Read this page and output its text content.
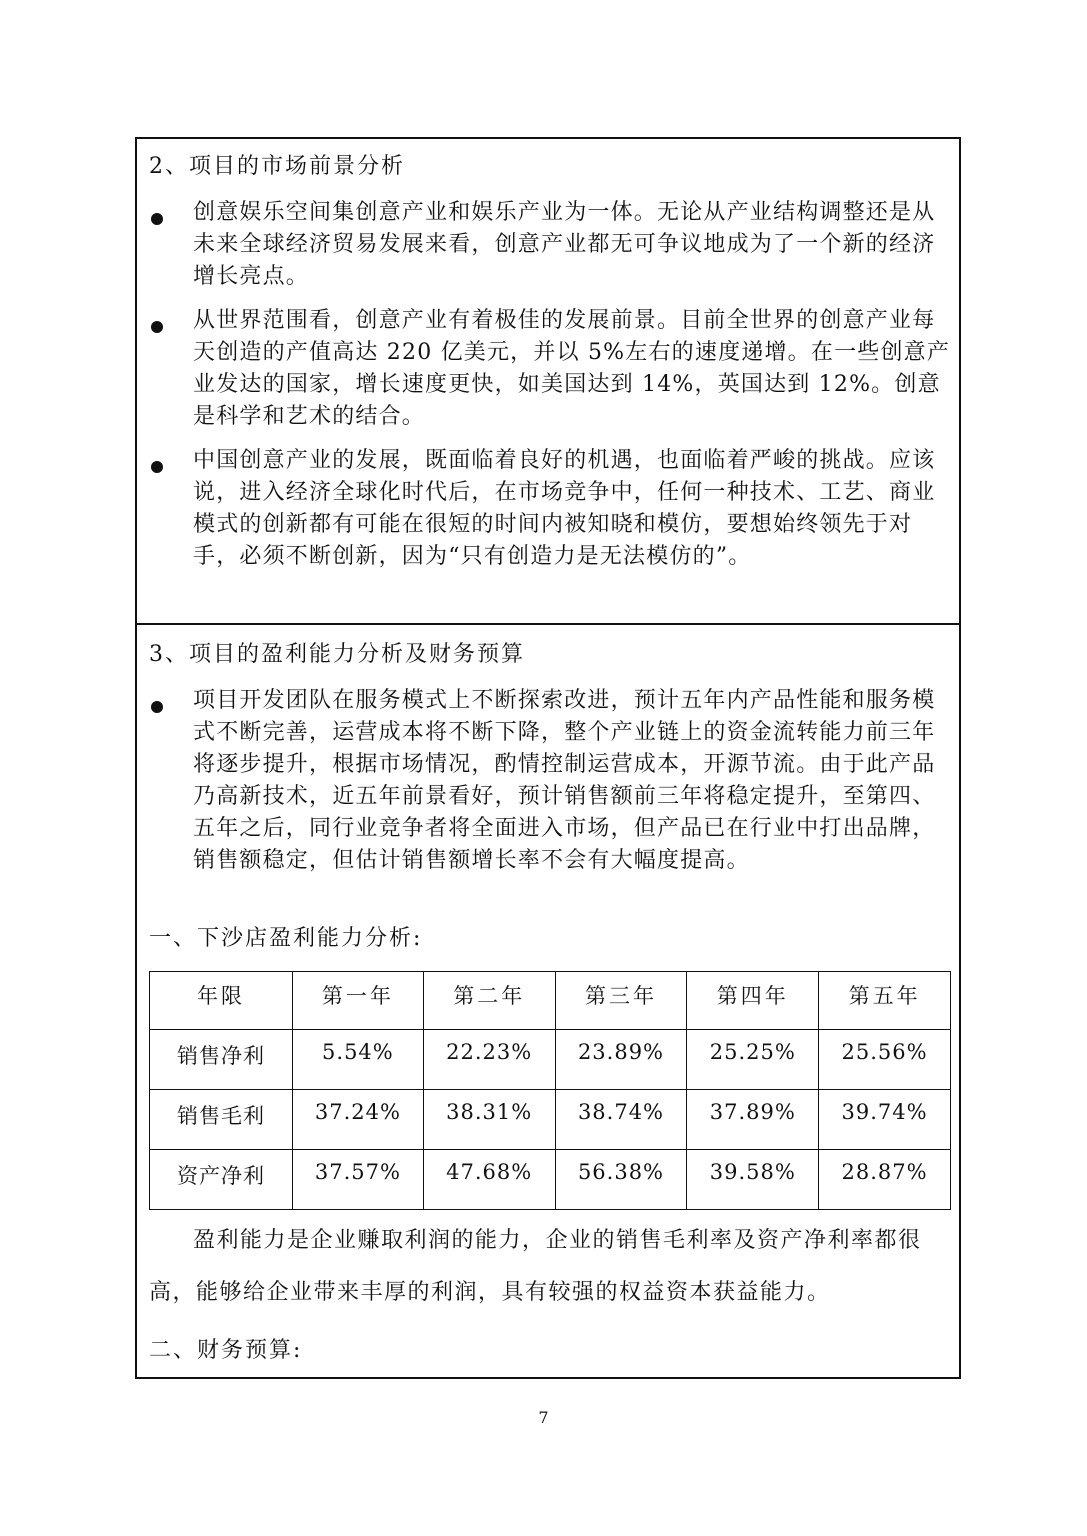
2、项目的市场前景分析
创意娱乐空间集创意产业和娱乐产业为一体。无论从产业结构调整还是从未来全球经济贸易发展来看，创意产业都无可争议地成为了一个新的经济增长亮点。
从世界范围看，创意产业有着极佳的发展前景。目前全世界的创意产业每天创造的产值高达 220 亿美元，并以 5%左右的速度递增。在一些创意产业发达的国家，增长速度更快，如美国达到 14%，英国达到 12%。创意是科学和艺术的结合。
中国创意产业的发展，既面临着良好的机遇，也面临着严峻的挑战。应该说，进入经济全球化时代后，在市场竞争中，任何一种技术、工艺、商业模式的创新都有可能在很短的时间内被知晓和模仿，要想始终领先于对手，必须不断创新，因为“只有创造力是无法模仿的”。
3、项目的盈利能力分析及财务预算
项目开发团队在服务模式上不断探索改进，预计五年内产品性能和服务模式不断完善，运营成本将不断下降，整个产业链上的资金流转能力前三年将逐步提升，根据市场情况，酌情控制运营成本，开源节流。由于此产品乃高新技术，近五年前景看好，预计销售额前三年将稳定提升，至第四、五年之后，同行业竞争者将全面进入市场，但产品已在行业中打出品牌，销售额稳定，但估计销售额增长率不会有大幅度提高。
一、下沙店盈利能力分析:
年限	第一年	第二年	第三年	第四年	第五年
销售净利	5.54%	22.23%	23.89%	25.25%	25.56%
销售毛利	37.24%	38.31%	38.74%	37.89%	39.74%
资产净利	37.57%	47.68%	56.38%	39.58%	28.87%
盈利能力是企业赚取利润的能力，企业的销售毛利率及资产净利率都很高，能够给企业带来丰厚的利润，具有较强的权益资本获益能力。
二、财务预算:
7
